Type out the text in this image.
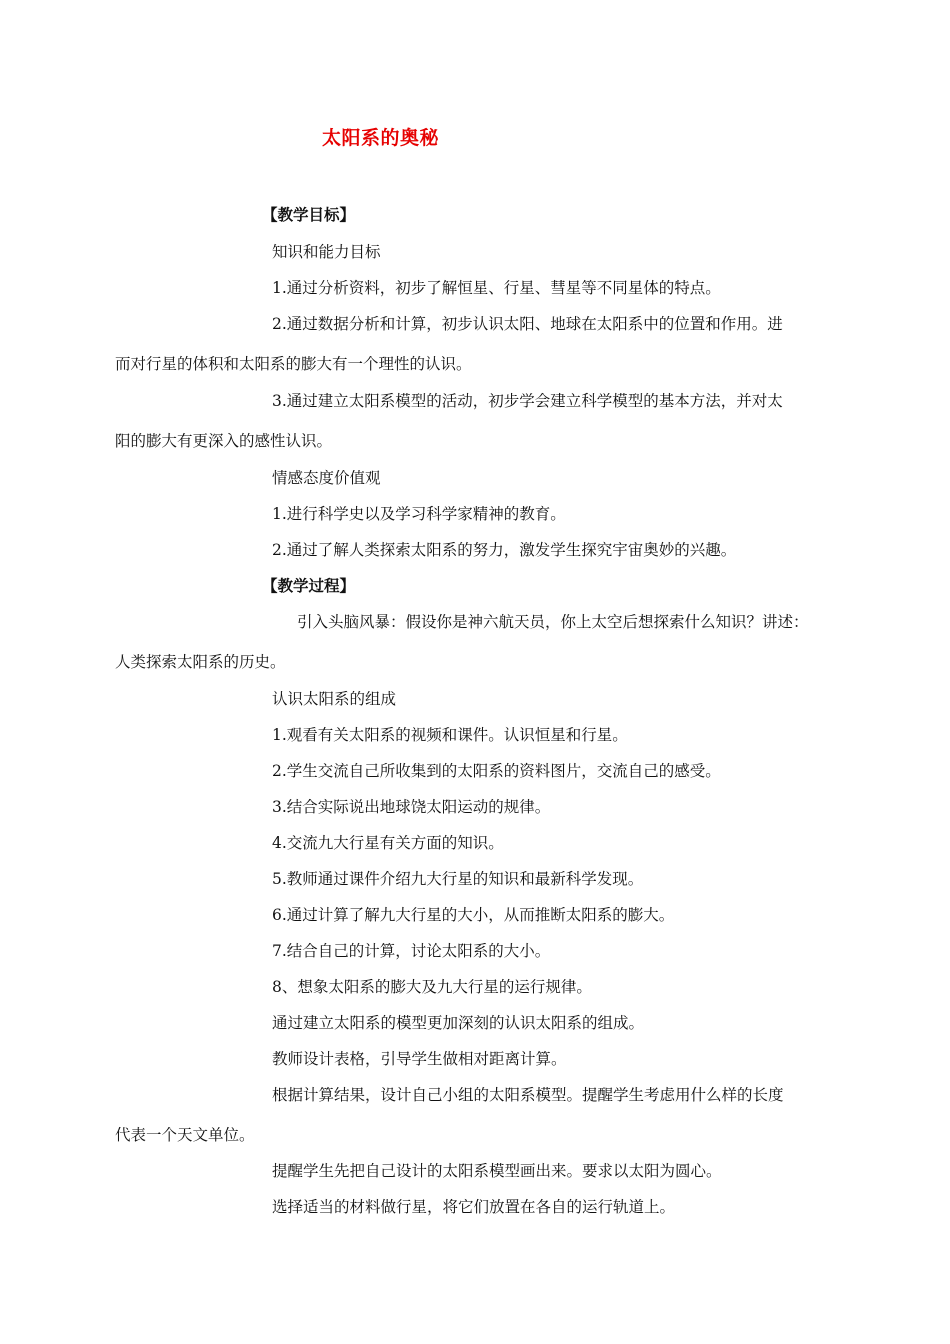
太阳系的奥秘

【教学目标】

知识和能力目标

1.通过分析资料，初步了解恒星、行星、彗星等不同星体的特点。

2.通过数据分析和计算，初步认识太阳、地球在太阳系中的位置和作用。进

而对行星的体积和太阳系的膨大有一个理性的认识。

3.通过建立太阳系模型的活动，初步学会建立科学模型的基本方法，并对太

阳的膨大有更深入的感性认识。

情感态度价值观

1.进行科学史以及学习科学家精神的教育。

2.通过了解人类探索太阳系的努力，激发学生探究宇宙奥妙的兴趣。

【教学过程】

引入头脑风暴：假设你是神六航天员，你上太空后想探索什么知识？讲述：

人类探索太阳系的历史。

认识太阳系的组成

1.观看有关太阳系的视频和课件。认识恒星和行星。

2.学生交流自己所收集到的太阳系的资料图片，交流自己的感受。

3.结合实际说出地球饶太阳运动的规律。

4.交流九大行星有关方面的知识。

5.教师通过课件介绍九大行星的知识和最新科学发现。

6.通过计算了解九大行星的大小，从而推断太阳系的膨大。

7.结合自己的计算，讨论太阳系的大小。

8、想象太阳系的膨大及九大行星的运行规律。

通过建立太阳系的模型更加深刻的认识太阳系的组成。

教师设计表格，引导学生做相对距离计算。

根据计算结果，设计自己小组的太阳系模型。提醒学生考虑用什么样的长度

代表一个天文单位。

提醒学生先把自己设计的太阳系模型画出来。要求以太阳为圆心。

选择适当的材料做行星，将它们放置在各自的运行轨道上。
